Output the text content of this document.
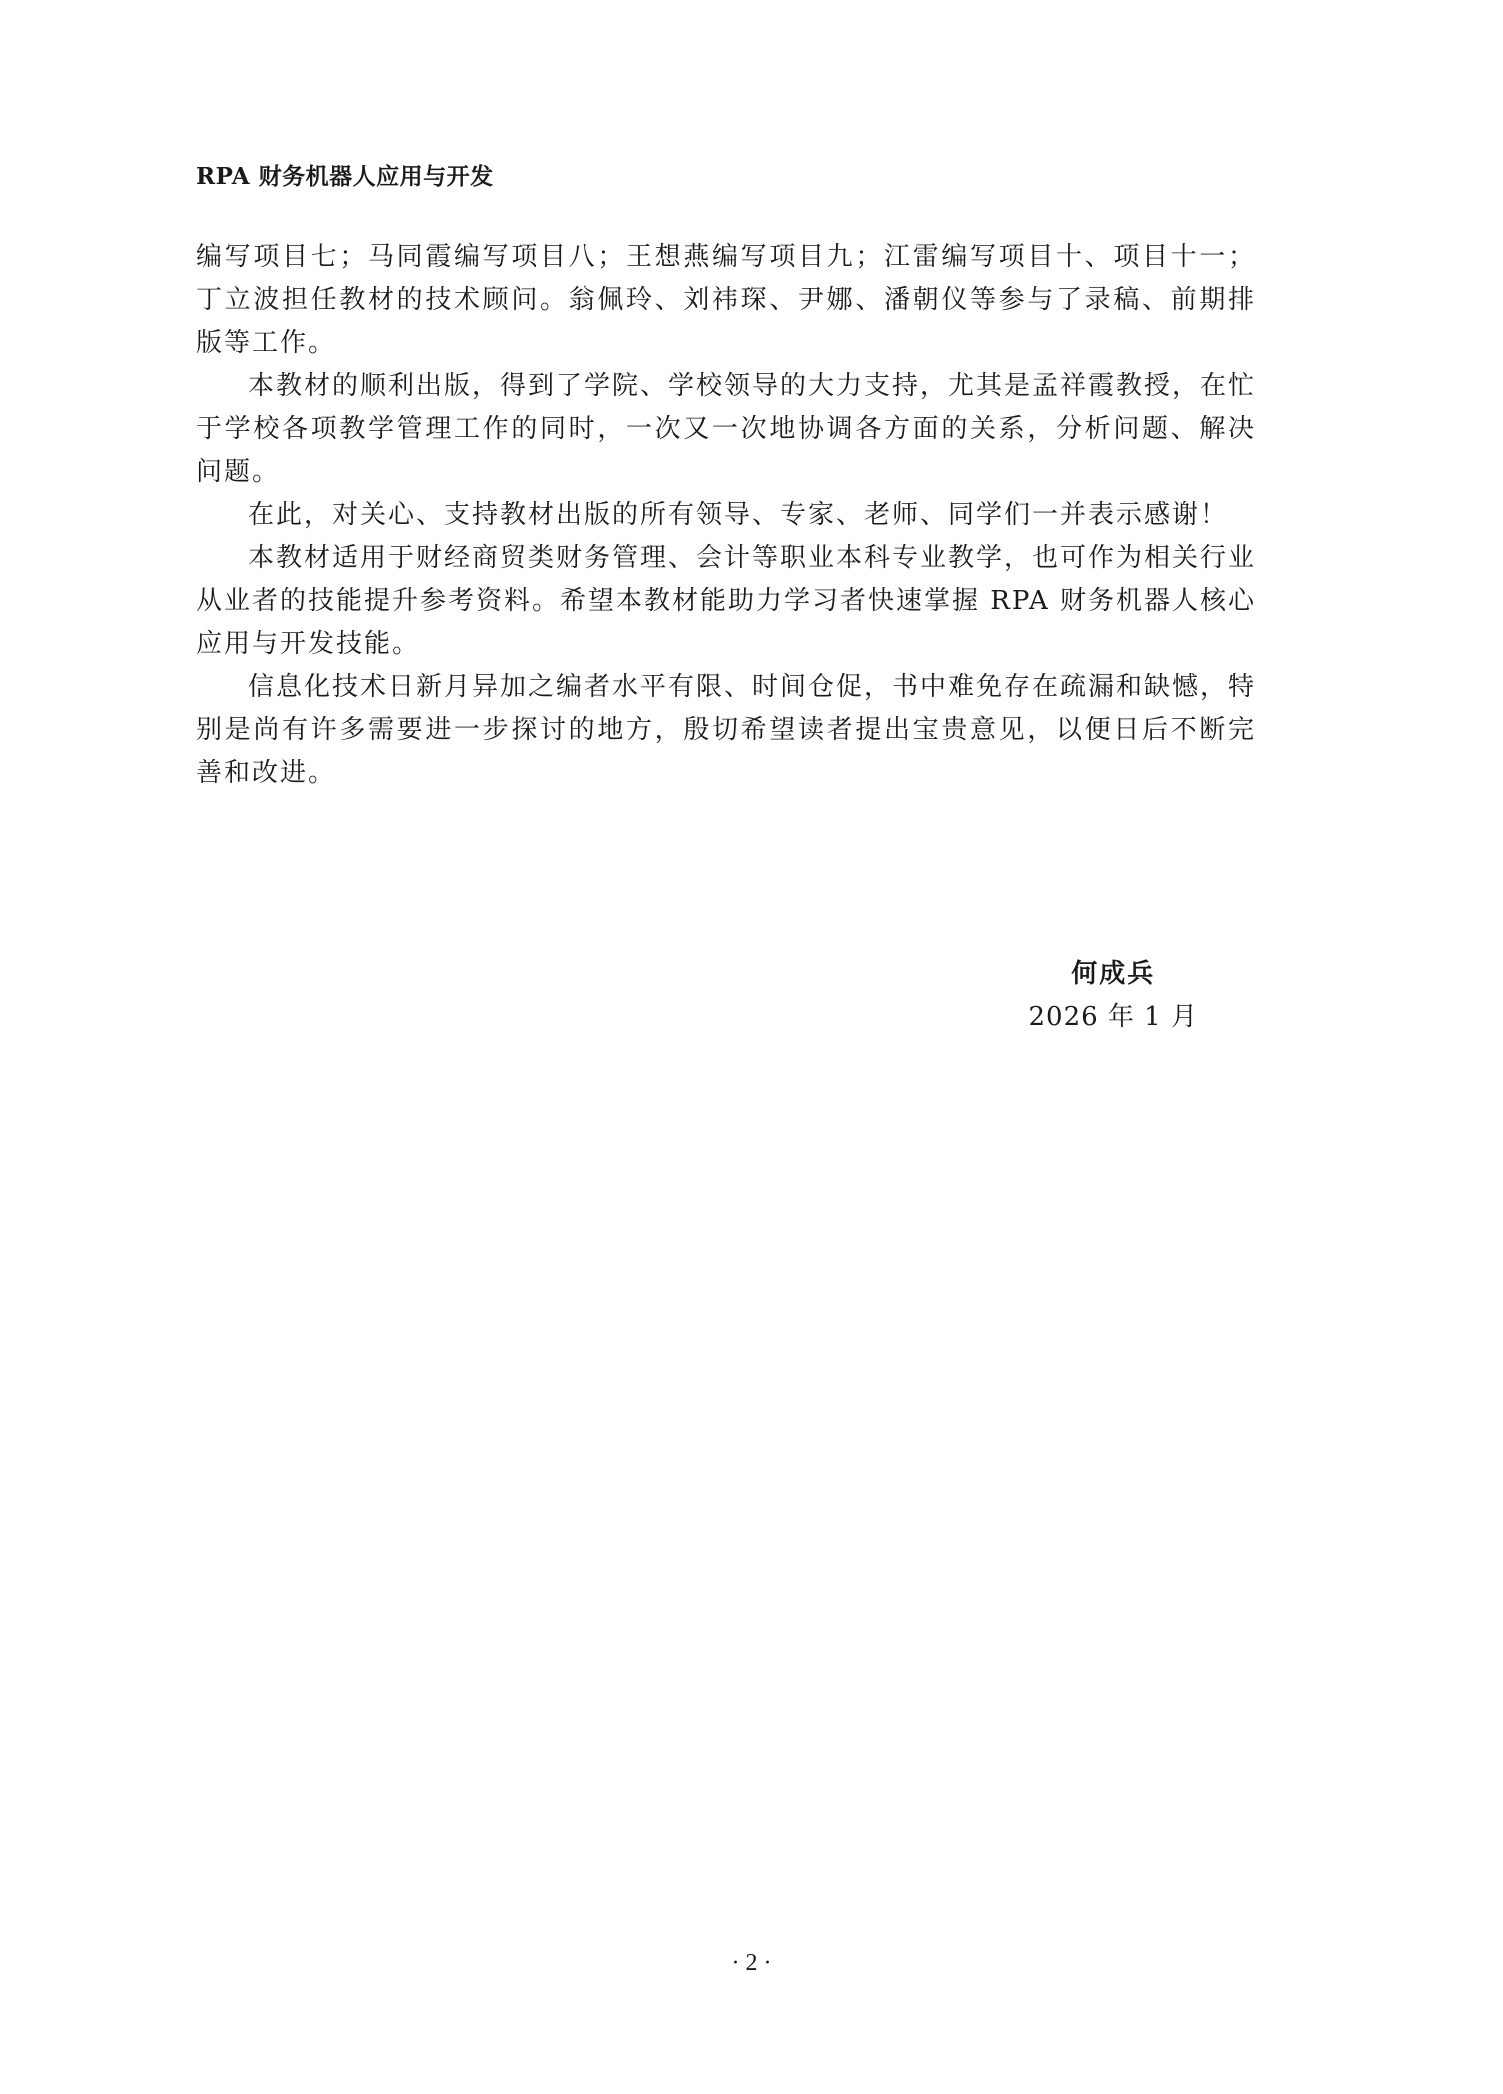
RPA 财务机器人应用与开发

编写项目七；马同霞编写项目八；王想燕编写项目九；江雷编写项目十、项目十一；丁立波担任教材的技术顾问。翁佩玲、刘祎琛、尹娜、潘朝仪等参与了录稿、前期排版等工作。

本教材的顺利出版，得到了学院、学校领导的大力支持，尤其是孟祥霞教授，在忙于学校各项教学管理工作的同时，一次又一次地协调各方面的关系，分析问题、解决问题。

在此，对关心、支持教材出版的所有领导、专家、老师、同学们一并表示感谢！

本教材适用于财经商贸类财务管理、会计等职业本科专业教学，也可作为相关行业从业者的技能提升参考资料。希望本教材能助力学习者快速掌握 RPA 财务机器人核心应用与开发技能。

信息化技术日新月异加之编者水平有限、时间仓促，书中难免存在疏漏和缺憾，特别是尚有许多需要进一步探讨的地方，殷切希望读者提出宝贵意见，以便日后不断完善和改进。

何成兵
2026 年 1 月
· 2 ·
